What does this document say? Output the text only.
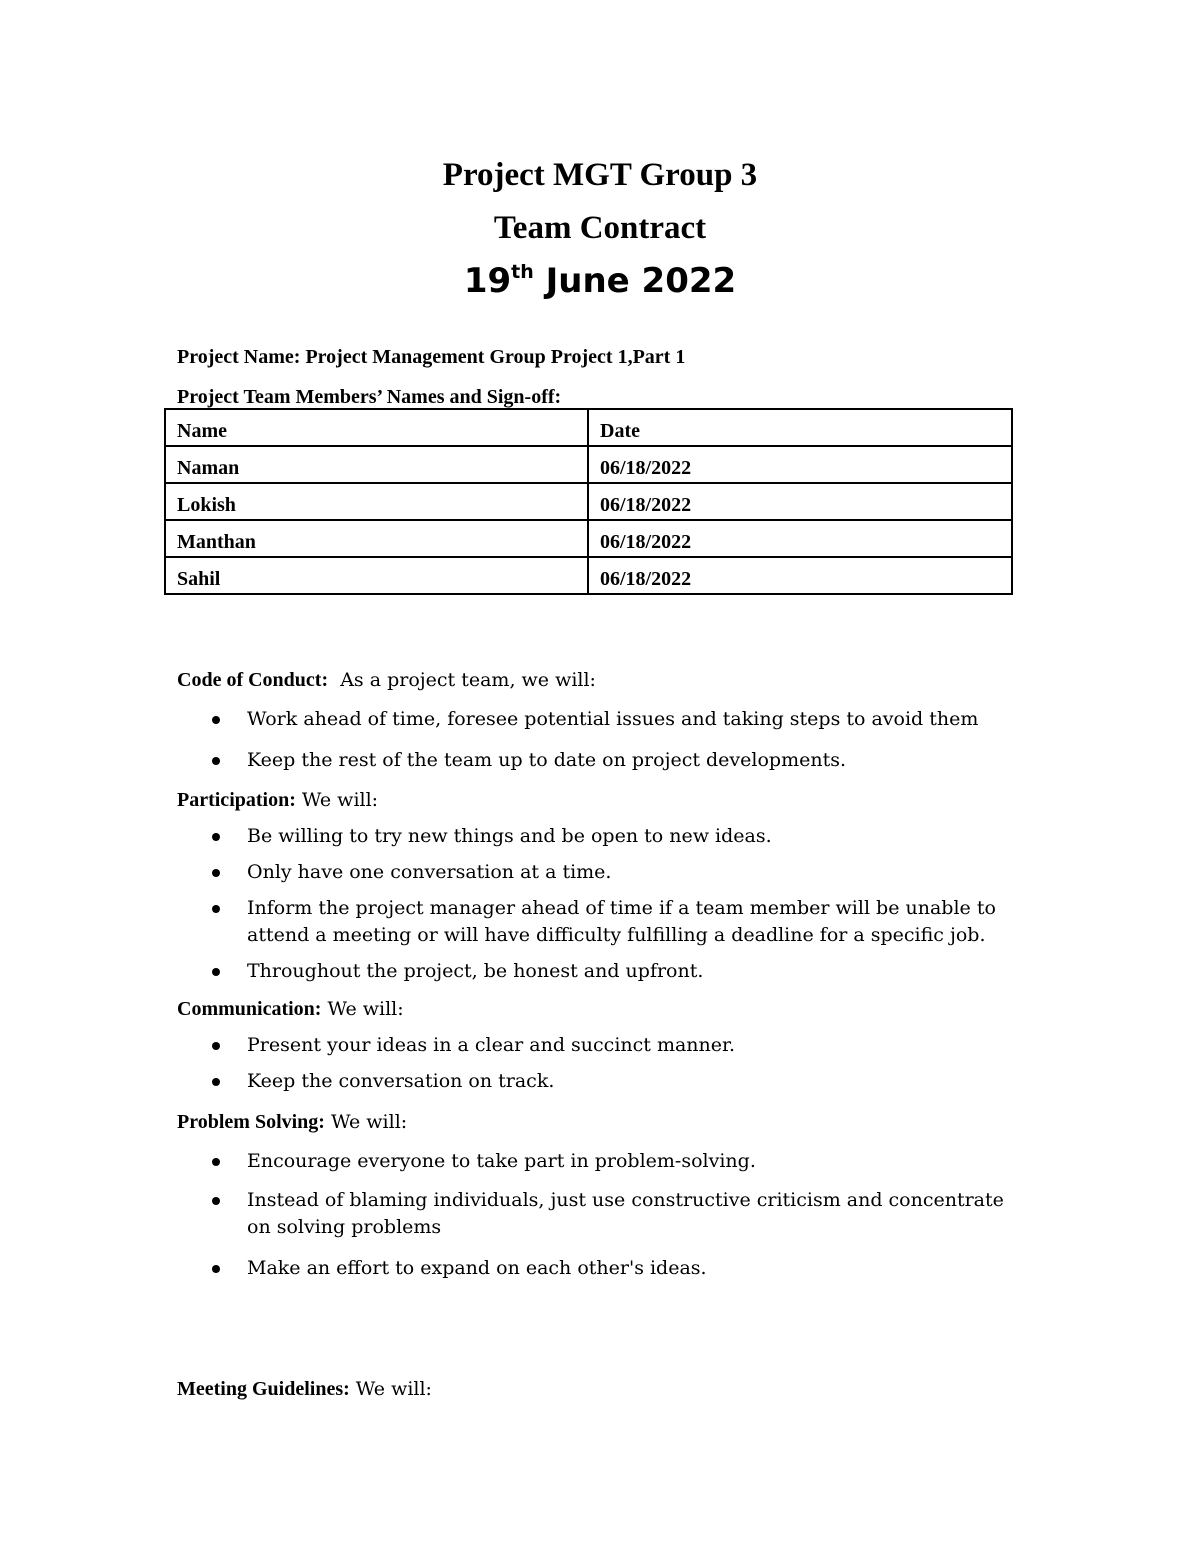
Project MGT Group 3
Team Contract
19th June 2022
Project Name: Project Management Group Project 1,Part 1
Project Team Members’ Names and Sign-off:
Name	Date
Naman	06/18/2022
Lokish	06/18/2022
Manthan	06/18/2022
Sahil	06/18/2022
Code of Conduct:  As a project team, we will:
Work ahead of time, foresee potential issues and taking steps to avoid them
Keep the rest of the team up to date on project developments.
Participation: We will:
Be willing to try new things and be open to new ideas.
Only have one conversation at a time.
Inform the project manager ahead of time if a team member will be unable to attend a meeting or will have difficulty fulfilling a deadline for a specific job.
Throughout the project, be honest and upfront.
Communication: We will:
Present your ideas in a clear and succinct manner.
Keep the conversation on track.
Problem Solving: We will:
Encourage everyone to take part in problem-solving.
Instead of blaming individuals, just use constructive criticism and concentrate on solving problems
Make an effort to expand on each other's ideas.
Meeting Guidelines: We will:
